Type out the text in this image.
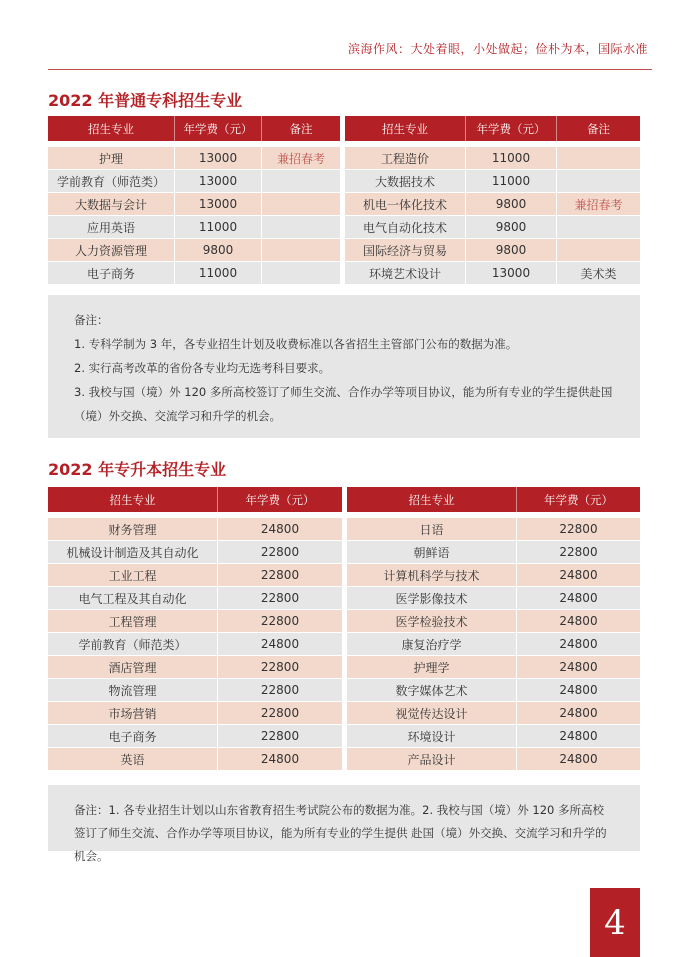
滨海作风：大处着眼，小处做起；俭朴为本，国际水准
2022 年普通专科招生专业
招生专业	年学费（元）	备注

护理	13000	兼招春考
学前教育（师范类）	13000	
大数据与会计	13000	
应用英语	11000	
人力资源管理	9800	
电子商务	11000	
招生专业	年学费（元）	备注

工程造价	11000	
大数据技术	11000	
机电一体化技术	9800	兼招春考
电气自动化技术	9800	
国际经济与贸易	9800	
环境艺术设计	13000	美术类

备注：

1. 专科学制为 3 年，各专业招生计划及收费标准以各省招生主管部门公布的数据为准。

2. 实行高考改革的省份各专业均无选考科目要求。

3. 我校与国（境）外 120 多所高校签订了师生交流、合作办学等项目协议，能为所有专业的学生提供赴国（境）外交换、交流学习和升学的机会。

2022 年专升本招生专业
招生专业	年学费（元）

财务管理	24800
机械设计制造及其自动化	22800
工业工程	22800
电气工程及其自动化	22800
工程管理	22800
学前教育（师范类）	24800
酒店管理	22800
物流管理	22800
市场营销	22800
电子商务	22800
英语	24800
招生专业	年学费（元）

日语	22800
朝鲜语	22800
计算机科学与技术	24800
医学影像技术	24800
医学检验技术	24800
康复治疗学	24800
护理学	24800
数字媒体艺术	24800
视觉传达设计	24800
环境设计	24800
产品设计	24800

备注：1. 各专业招生计划以山东省教育招生考试院公布的数据为准。2. 我校与国（境）外 120 多所高校签订了师生交流、合作办学等项目协议，能为所有专业的学生提供 赴国（境）外交换、交流学习和升学的机会。

4
